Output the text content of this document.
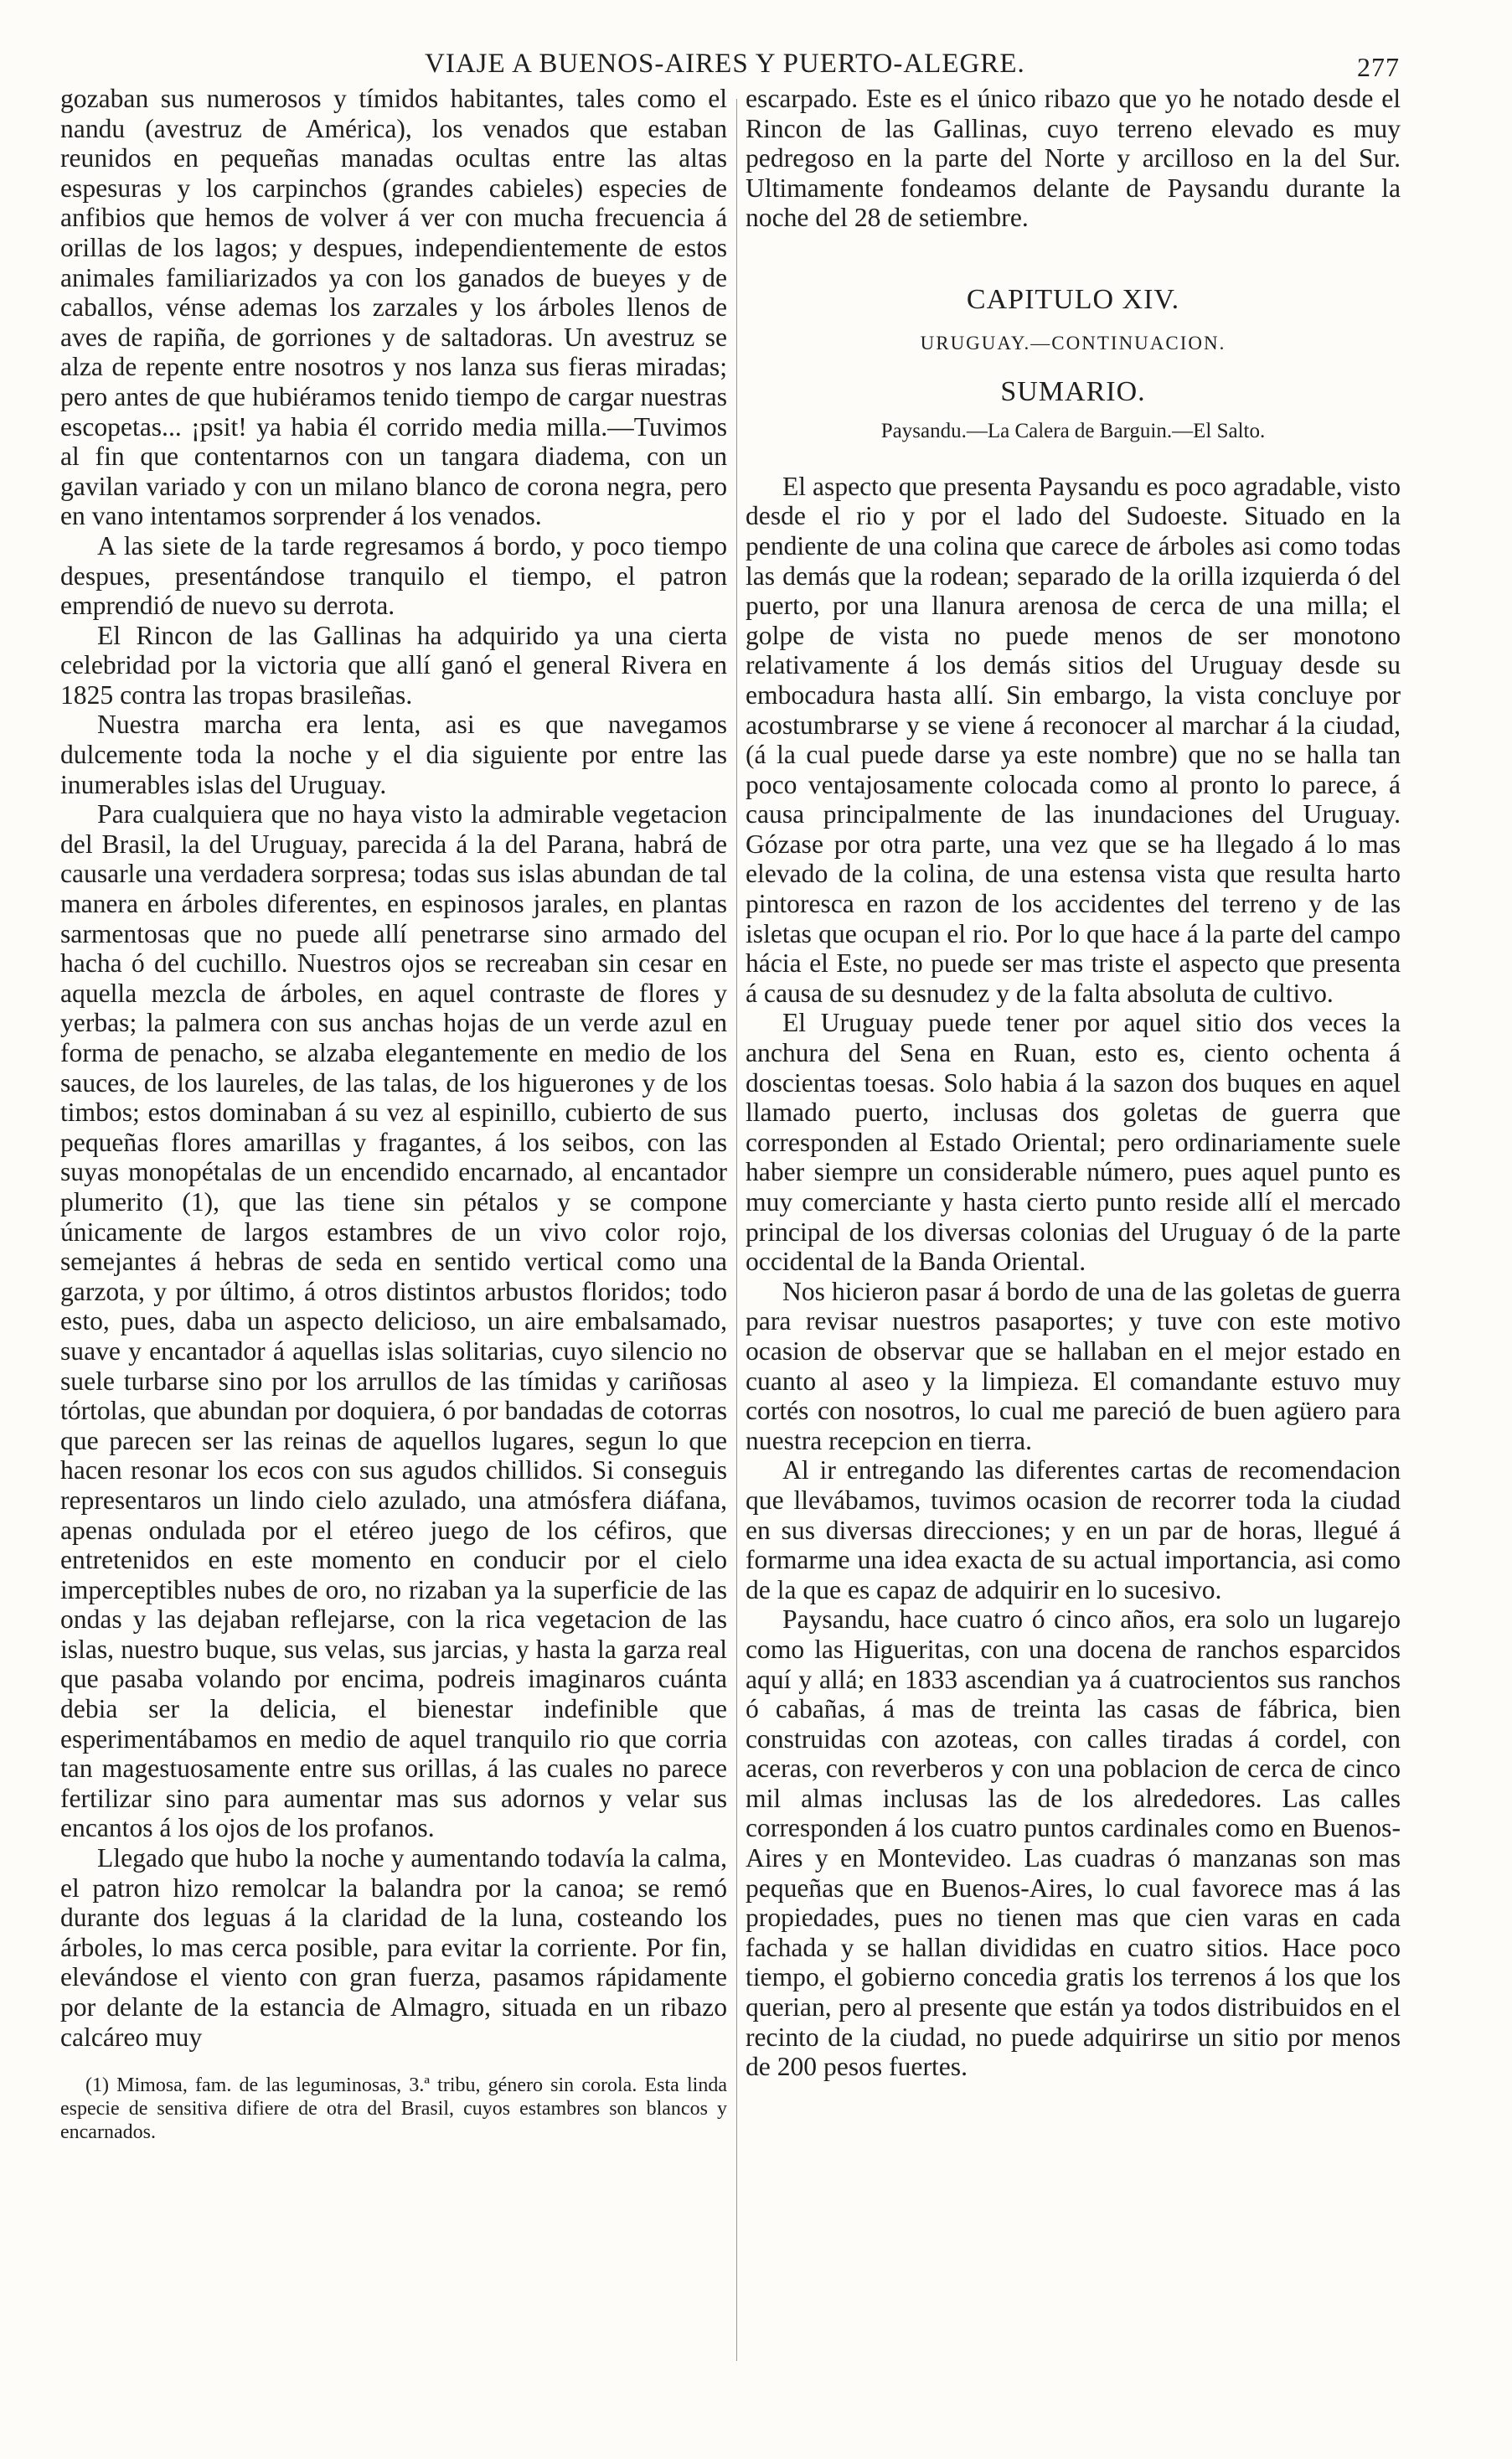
VIAJE A BUENOS-AIRES Y PUERTO-ALEGRE.	277

gozaban sus numerosos y tímidos habitantes, tales como el nandu (avestruz de América), los venados que estaban reunidos en pequeñas manadas ocultas entre las altas espesuras y los carpinchos (grandes cabieles) especies de anfibios que hemos de volver á ver con mucha frecuencia á orillas de los lagos; y despues, independientemente de estos animales familiarizados ya con los ganados de bueyes y de caballos, vénse ademas los zarzales y los árboles llenos de aves de rapiña, de gorriones y de saltadoras. Un avestruz se alza de repente entre nosotros y nos lanza sus fieras miradas; pero antes de que hubiéramos tenido tiempo de cargar nuestras escopetas... ¡psit! ya habia él corrido media milla.—Tuvimos al fin que contentarnos con un tangara diadema, con un gavilan variado y con un milano blanco de corona negra, pero en vano intentamos sorprender á los venados.

A las siete de la tarde regresamos á bordo, y poco tiempo despues, presentándose tranquilo el tiempo, el patron emprendió de nuevo su derrota.

El Rincon de las Gallinas ha adquirido ya una cierta celebridad por la victoria que allí ganó el general Rivera en 1825 contra las tropas brasileñas.

Nuestra marcha era lenta, asi es que navegamos dulcemente toda la noche y el dia siguiente por entre las inumerables islas del Uruguay.

Para cualquiera que no haya visto la admirable vegetacion del Brasil, la del Uruguay, parecida á la del Parana, habrá de causarle una verdadera sorpresa; todas sus islas abundan de tal manera en árboles diferentes, en espinosos jarales, en plantas sarmentosas que no puede allí penetrarse sino armado del hacha ó del cuchillo. Nuestros ojos se recreaban sin cesar en aquella mezcla de árboles, en aquel contraste de flores y yerbas; la palmera con sus anchas hojas de un verde azul en forma de penacho, se alzaba elegantemente en medio de los sauces, de los laureles, de las talas, de los higuerones y de los timbos; estos dominaban á su vez al espinillo, cubierto de sus pequeñas flores amarillas y fragantes, á los seibos, con las suyas monopétalas de un encendido encarnado, al encantador plumerito (1), que las tiene sin pétalos y se compone únicamente de largos estambres de un vivo color rojo, semejantes á hebras de seda en sentido vertical como una garzota, y por último, á otros distintos arbustos floridos; todo esto, pues, daba un aspecto delicioso, un aire embalsamado, suave y encantador á aquellas islas solitarias, cuyo silencio no suele turbarse sino por los arrullos de las tímidas y cariñosas tórtolas, que abundan por doquiera, ó por bandadas de cotorras que parecen ser las reinas de aquellos lugares, segun lo que hacen resonar los ecos con sus agudos chillidos. Si conseguis representaros un lindo cielo azulado, una atmósfera diáfana, apenas ondulada por el etéreo juego de los céfiros, que entretenidos en este momento en conducir por el cielo imperceptibles nubes de oro, no rizaban ya la superficie de las ondas y las dejaban reflejarse, con la rica vegetacion de las islas, nuestro buque, sus velas, sus jarcias, y hasta la garza real que pasaba volando por encima, podreis imaginaros cuánta debia ser la delicia, el bienestar indefinible que esperimentábamos en medio de aquel tranquilo rio que corria tan magestuosamente entre sus orillas, á las cuales no parece fertilizar sino para aumentar mas sus adornos y velar sus encantos á los ojos de los profanos.

Llegado que hubo la noche y aumentando todavía la calma, el patron hizo remolcar la balandra por la canoa; se remó durante dos leguas á la claridad de la luna, costeando los árboles, lo mas cerca posible, para evitar la corriente. Por fin, elevándose el viento con gran fuerza, pasamos rápidamente por delante de la estancia de Almagro, situada en un ribazo calcáreo muy

(1) Mimosa, fam. de las leguminosas, 3.ª tribu, género sin corola. Esta linda especie de sensitiva difiere de otra del Brasil, cuyos estambres son blancos y encarnados.

escarpado. Este es el único ribazo que yo he notado desde el Rincon de las Gallinas, cuyo terreno elevado es muy pedregoso en la parte del Norte y arcilloso en la del Sur. Ultimamente fondeamos delante de Paysandu durante la noche del 28 de setiembre.

CAPITULO XIV.

URUGUAY.—CONTINUACION.

SUMARIO.

Paysandu.—La Calera de Barguin.—El Salto.

El aspecto que presenta Paysandu es poco agradable, visto desde el rio y por el lado del Sudoeste. Situado en la pendiente de una colina que carece de árboles asi como todas las demás que la rodean; separado de la orilla izquierda ó del puerto, por una llanura arenosa de cerca de una milla; el golpe de vista no puede menos de ser monotono relativamente á los demás sitios del Uruguay desde su embocadura hasta allí. Sin embargo, la vista concluye por acostumbrarse y se viene á reconocer al marchar á la ciudad, (á la cual puede darse ya este nombre) que no se halla tan poco ventajosamente colocada como al pronto lo parece, á causa principalmente de las inundaciones del Uruguay. Gózase por otra parte, una vez que se ha llegado á lo mas elevado de la colina, de una estensa vista que resulta harto pintoresca en razon de los accidentes del terreno y de las isletas que ocupan el rio. Por lo que hace á la parte del campo hácia el Este, no puede ser mas triste el aspecto que presenta á causa de su desnudez y de la falta absoluta de cultivo.

El Uruguay puede tener por aquel sitio dos veces la anchura del Sena en Ruan, esto es, ciento ochenta á doscientas toesas. Solo habia á la sazon dos buques en aquel llamado puerto, inclusas dos goletas de guerra que corresponden al Estado Oriental; pero ordinariamente suele haber siempre un considerable número, pues aquel punto es muy comerciante y hasta cierto punto reside allí el mercado principal de los diversas colonias del Uruguay ó de la parte occidental de la Banda Oriental.

Nos hicieron pasar á bordo de una de las goletas de guerra para revisar nuestros pasaportes; y tuve con este motivo ocasion de observar que se hallaban en el mejor estado en cuanto al aseo y la limpieza. El comandante estuvo muy cortés con nosotros, lo cual me pareció de buen agüero para nuestra recepcion en tierra.

Al ir entregando las diferentes cartas de recomendacion que llevábamos, tuvimos ocasion de recorrer toda la ciudad en sus diversas direcciones; y en un par de horas, llegué á formarme una idea exacta de su actual importancia, asi como de la que es capaz de adquirir en lo sucesivo.

Paysandu, hace cuatro ó cinco años, era solo un lugarejo como las Higueritas, con una docena de ranchos esparcidos aquí y allá; en 1833 ascendian ya á cuatrocientos sus ranchos ó cabañas, á mas de treinta las casas de fábrica, bien construidas con azoteas, con calles tiradas á cordel, con aceras, con reverberos y con una poblacion de cerca de cinco mil almas inclusas las de los alrededores. Las calles corresponden á los cuatro puntos cardinales como en Buenos-Aires y en Montevideo. Las cuadras ó manzanas son mas pequeñas que en Buenos-Aires, lo cual favorece mas á las propiedades, pues no tienen mas que cien varas en cada fachada y se hallan divididas en cuatro sitios. Hace poco tiempo, el gobierno concedia gratis los terrenos á los que los querian, pero al presente que están ya todos distribuidos en el recinto de la ciudad, no puede adquirirse un sitio por menos de 200 pesos fuertes.
